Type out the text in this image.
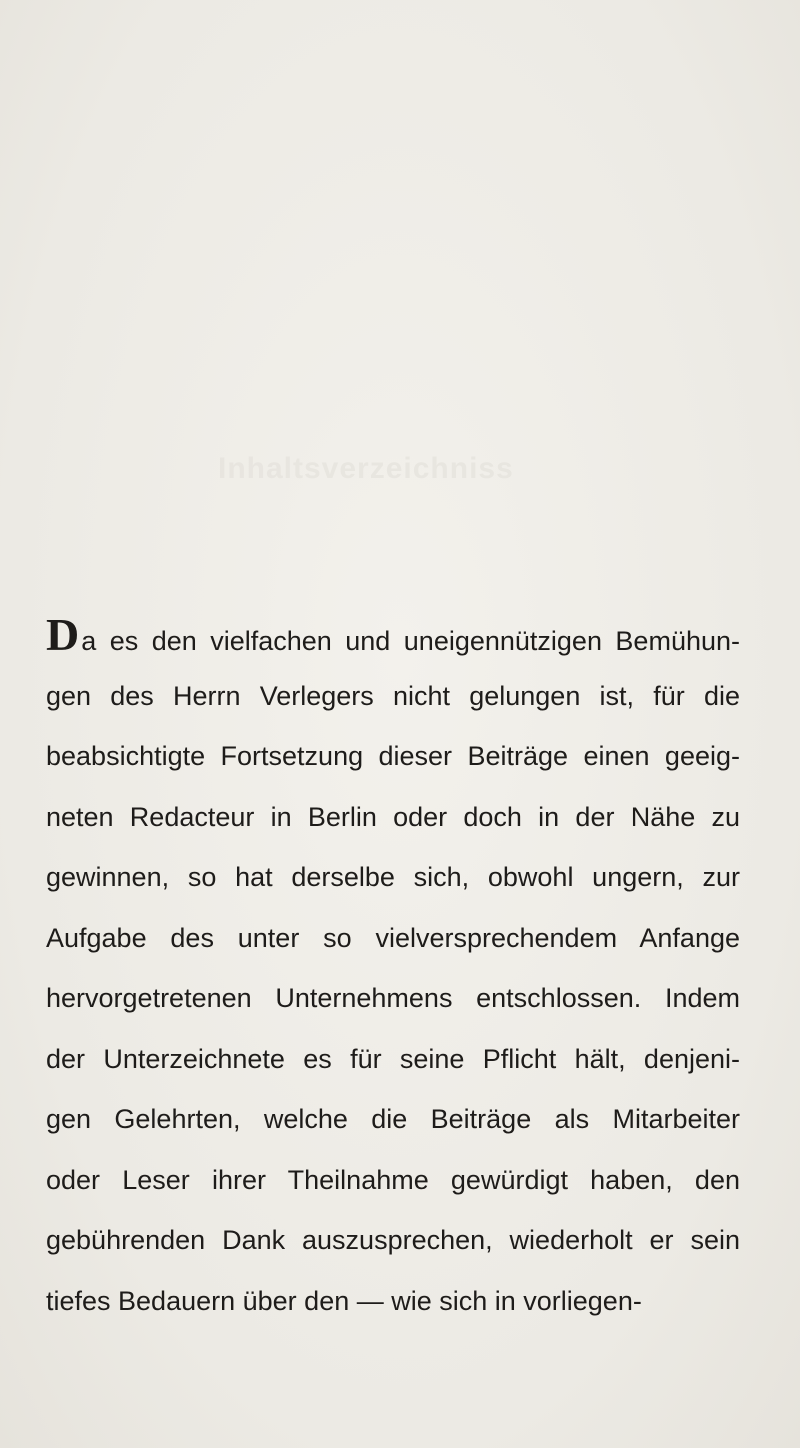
Inhaltsverzeichniss
Da es den vielfachen und uneigennützigen Bemühun-
gen des Herrn Verlegers nicht gelungen ist, für die
beabsichtigte Fortsetzung dieser Beiträge einen geeig-
neten Redacteur in Berlin oder doch in der Nähe zu
gewinnen, so hat derselbe sich, obwohl ungern, zur
Aufgabe des unter so vielversprechendem Anfange
hervorgetretenen Unternehmens entschlossen. Indem
der Unterzeichnete es für seine Pflicht hält, denjeni-
gen Gelehrten, welche die Beiträge als Mitarbeiter
oder Leser ihrer Theilnahme gewürdigt haben, den
gebührenden Dank auszusprechen, wiederholt er sein
tiefes Bedauern über den — wie sich in vorliegen-
